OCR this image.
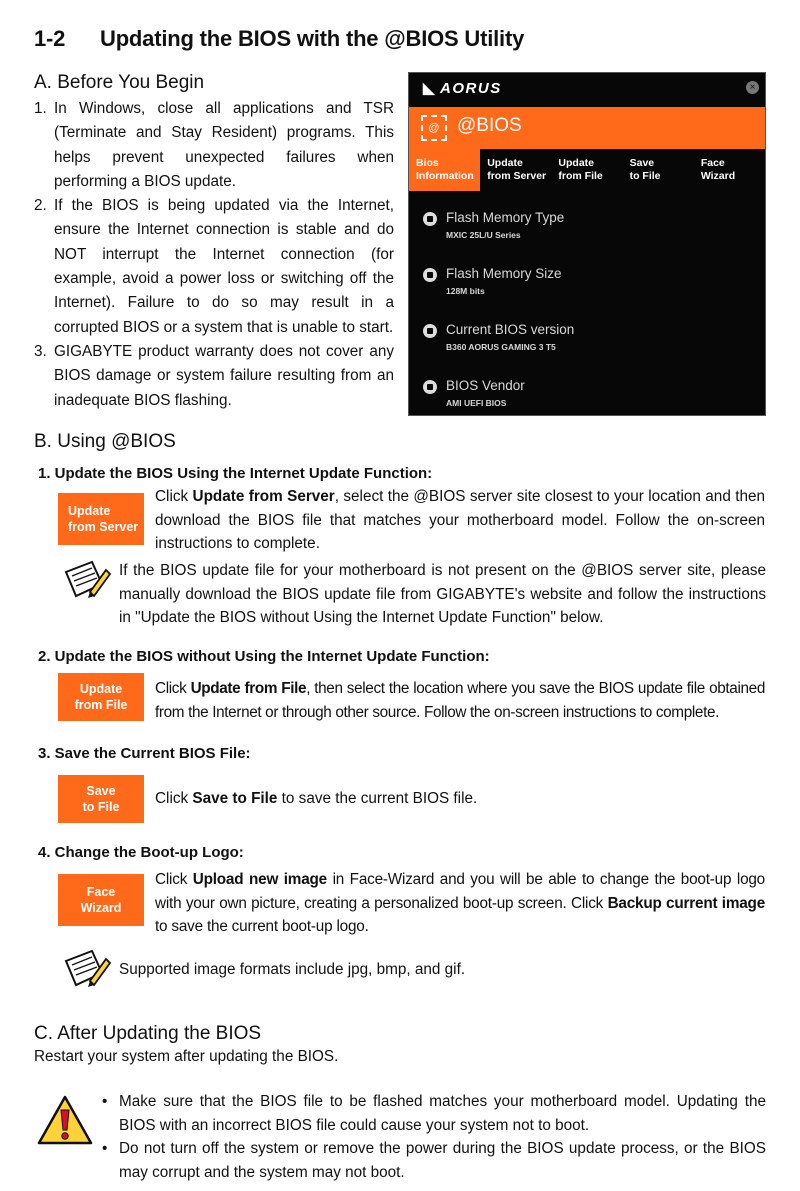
1-2 Updating the BIOS with the @BIOS Utility
A. Before You Begin
1. In Windows, close all applications and TSR (Terminate and Stay Resident) programs. This helps prevent unexpected failures when performing a BIOS update.
2. If the BIOS is being updated via the Internet, ensure the Internet connection is stable and do NOT interrupt the Internet connection (for example, avoid a power loss or switching off the Internet). Failure to do so may result in a corrupted BIOS or a system that is unable to start.
3. GIGABYTE product warranty does not cover any BIOS damage or system failure resulting from an inadequate BIOS flashing.
◣ AORUS	×
@ @BIOS
Bios
Information
Update
from Server
Update
from File
Save
to File
Face
Wizard
Flash Memory Type
MXIC 25L/U Series
Flash Memory Size
128M bits
Current BIOS version
B360 AORUS GAMING 3 T5
BIOS Vendor
AMI UEFI BIOS
B. Using @BIOS
1. Update the BIOS Using the Internet Update Function:
Update
from Server
Click Update from Server, select the @BIOS server site closest to your location and then download the BIOS file that matches your motherboard model. Follow the on-screen instructions to complete.
If the BIOS update file for your motherboard is not present on the @BIOS server site, please manually download the BIOS update file from GIGABYTE's website and follow the instructions in "Update the BIOS without Using the Internet Update Function" below.
2. Update the BIOS without Using the Internet Update Function:
Update
from File
Click Update from File, then select the location where you save the BIOS update file obtained from the Internet or through other source. Follow the on-screen instructions to complete.
3. Save the Current BIOS File:
Save
to File Click Save to File to save the current BIOS file.
4. Change the Boot-up Logo:
Face
Wizard
Click Upload new image in Face-Wizard and you will be able to change the boot-up logo with your own picture, creating a personalized boot-up screen. Click Backup current image to save the current boot-up logo.
Supported image formats include jpg, bmp, and gif.
C. After Updating the BIOS
Restart your system after updating the BIOS.
• Make sure that the BIOS file to be flashed matches your motherboard model. Updating the BIOS with an incorrect BIOS file could cause your system not to boot.
• Do not turn off the system or remove the power during the BIOS update process, or the BIOS may corrupt and the system may not boot.
